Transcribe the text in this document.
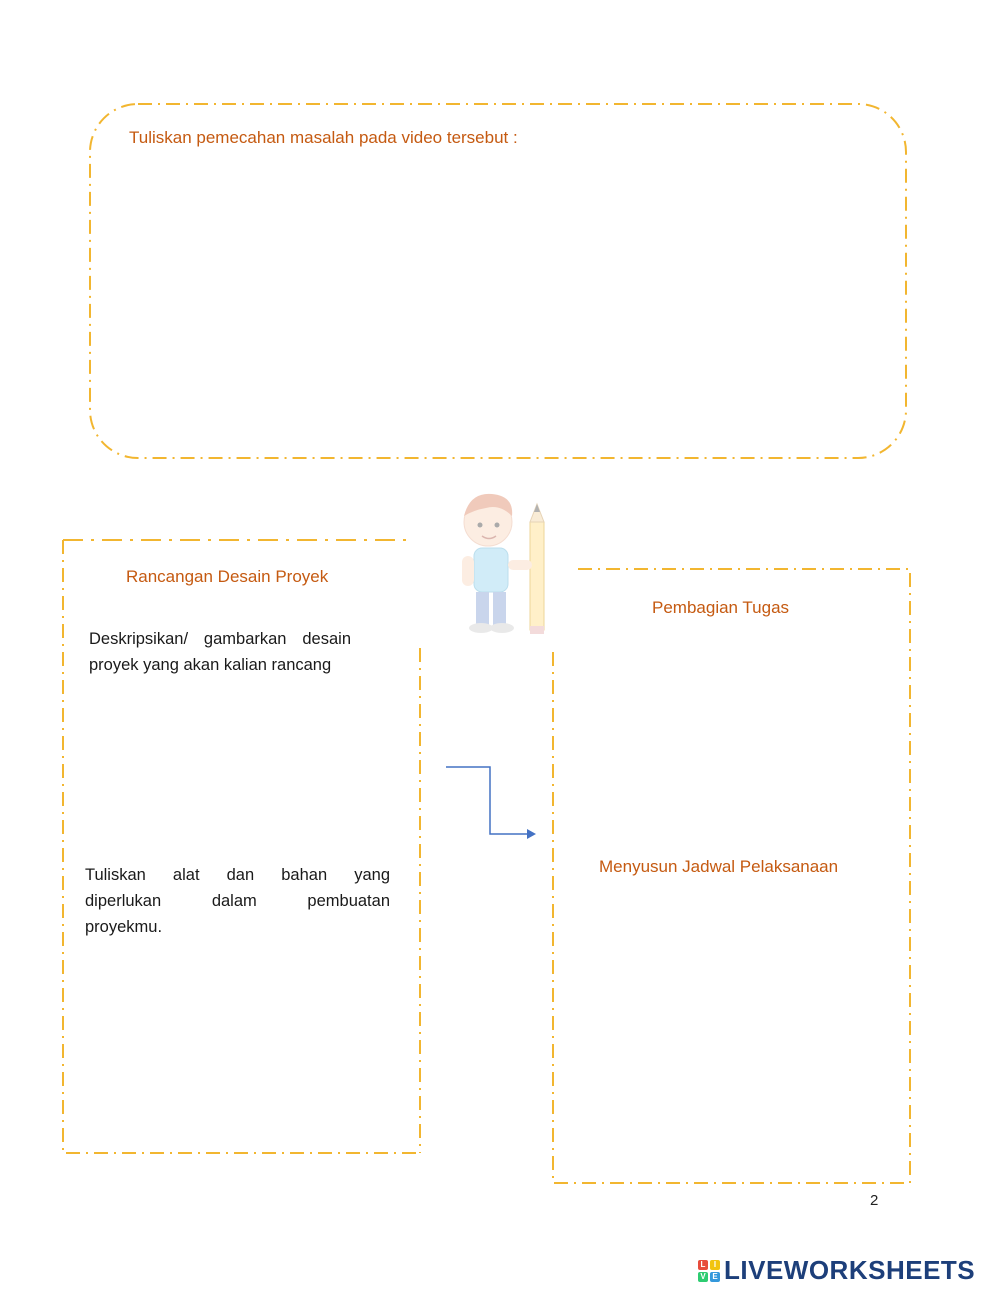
Tuliskan pemecahan masalah pada video tersebut :
Rancangan Desain Proyek
Deskripsikan/ gambarkan desain
proyek yang akan kalian rancang
Tuliskan alat dan bahan yang
diperlukan dalam pembuatan
proyekmu.
Pembagian Tugas
Menyusun Jadwal Pelaksanaan
2
L	I
V E LIVEWORKSHEETS
